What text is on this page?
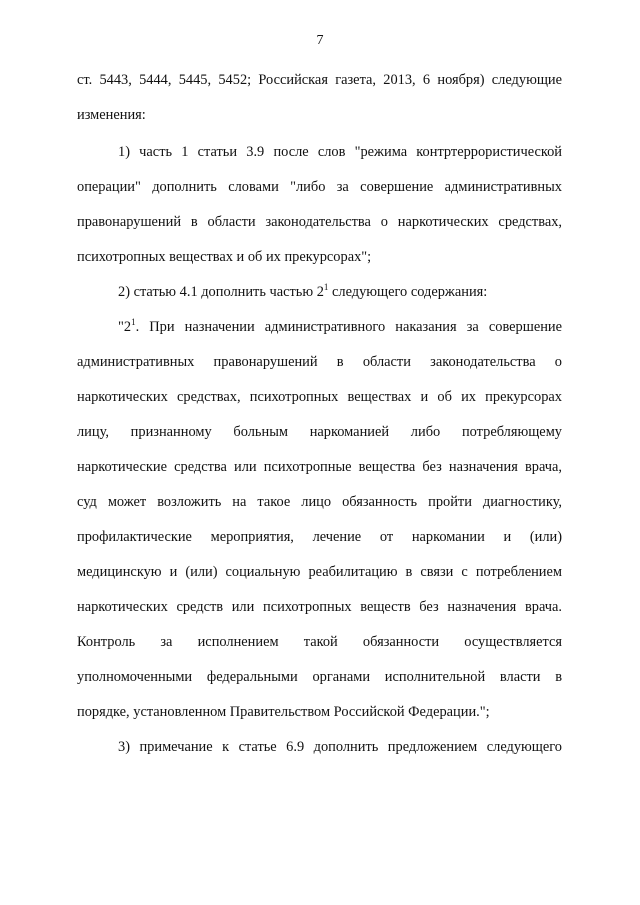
7
ст. 5443, 5444, 5445, 5452; Российская газета, 2013, 6 ноября) следующие
изменения:
1) часть 1 статьи 3.9 после слов "режима контртеррористической
операции" дополнить словами "либо за совершение административных
правонарушений в области законодательства о наркотических средствах,
психотропных веществах и об их прекурсорах";
2) статью 4.1 дополнить частью $2^1$ следующего содержания:
"$2^1$ . При назначении административного наказания за совершение
административных правонарушений в области законодательства о
наркотических средствах, психотропных веществах и об их прекурсорах
лицу, признанному больным наркоманией либо потребляющему
наркотические средства или психотропные вещества без назначения врача,
суд может возложить на такое лицо обязанность пройти диагностику,
профилактические мероприятия, лечение от наркомании и (или)
медицинскую и (или) социальную реабилитацию в связи с потреблением
наркотических средств или психотропных веществ без назначения врача.
Контроль за исполнением такой обязанности осуществляется
уполномоченными федеральными органами исполнительной власти в
порядке, установленном Правительством Российской Федерации.";
3) примечание к статье 6.9 дополнить предложением следующего
